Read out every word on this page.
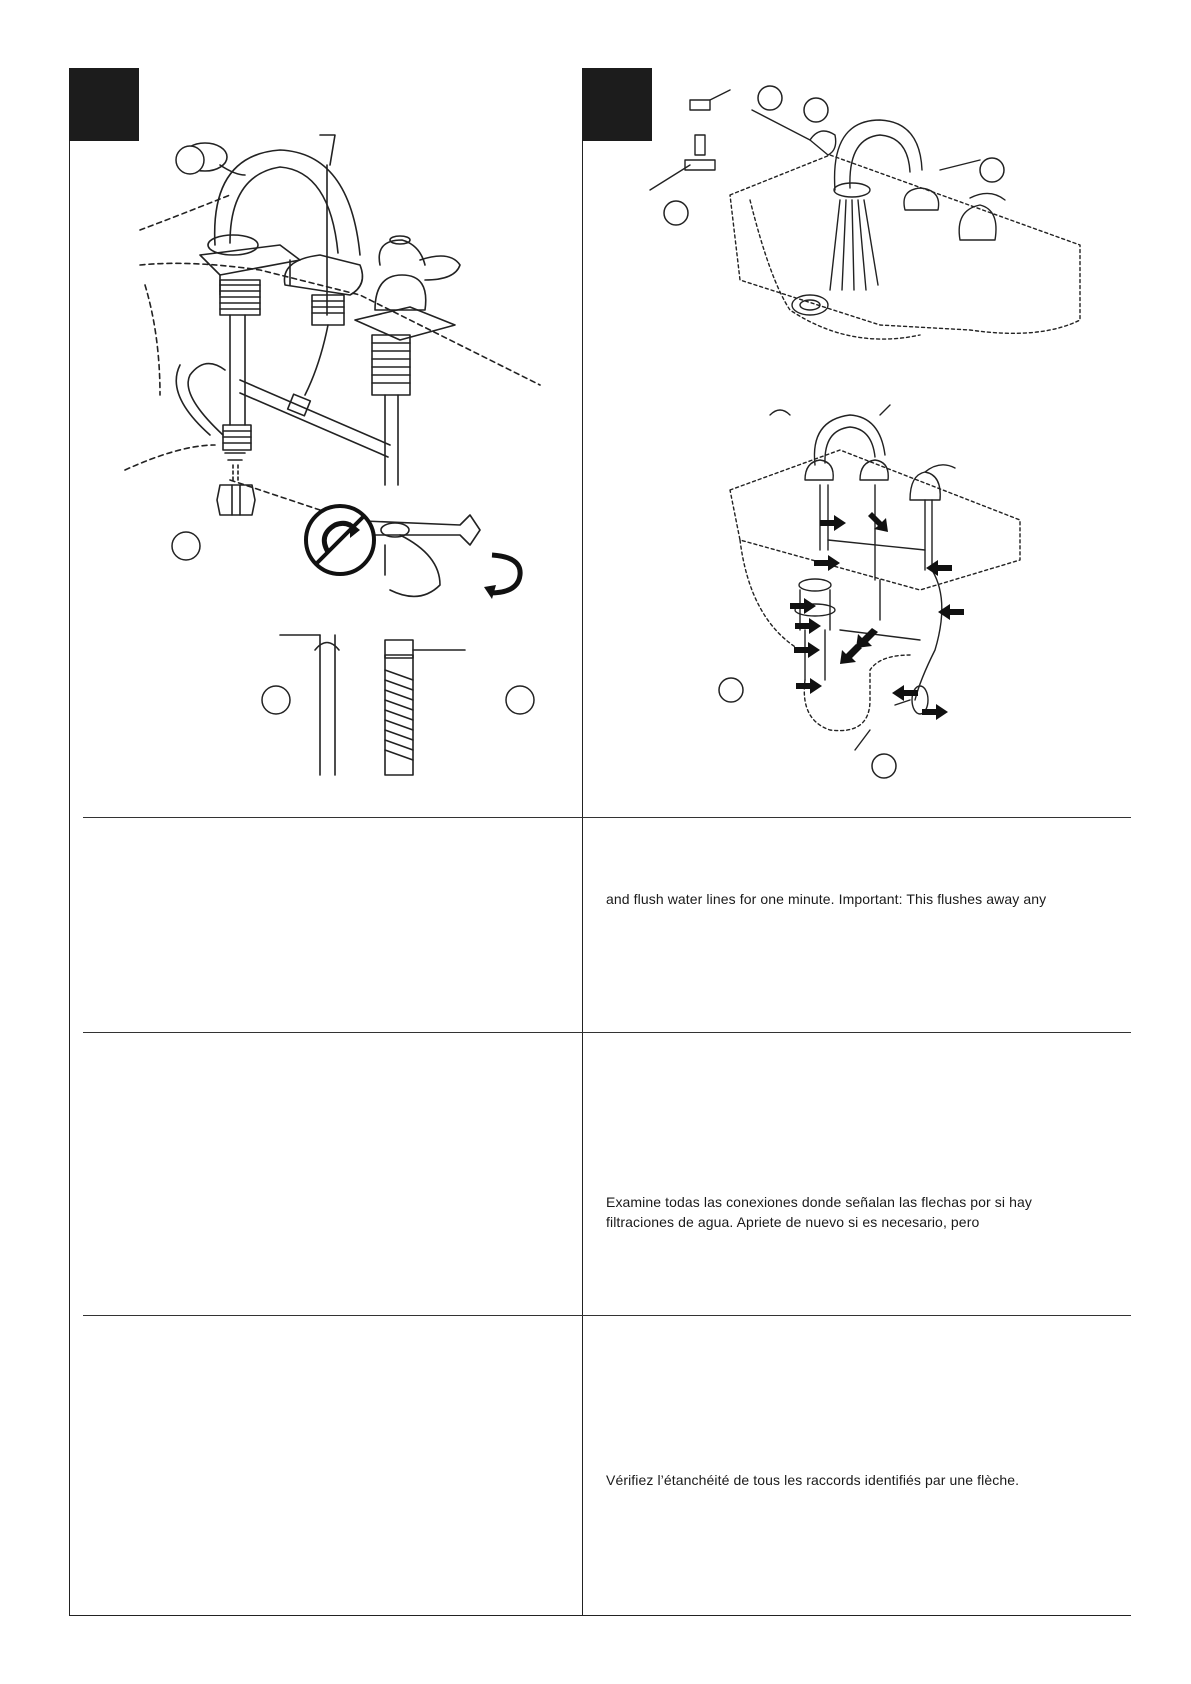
and flush water lines for one minute. Important: This flushes away any
Examine todas las conexiones donde señalan las flechas por si hay
filtraciones de agua. Apriete de nuevo si es necesario, pero
Vérifiez l’étanchéité de tous les raccords identifiés par une flèche.
